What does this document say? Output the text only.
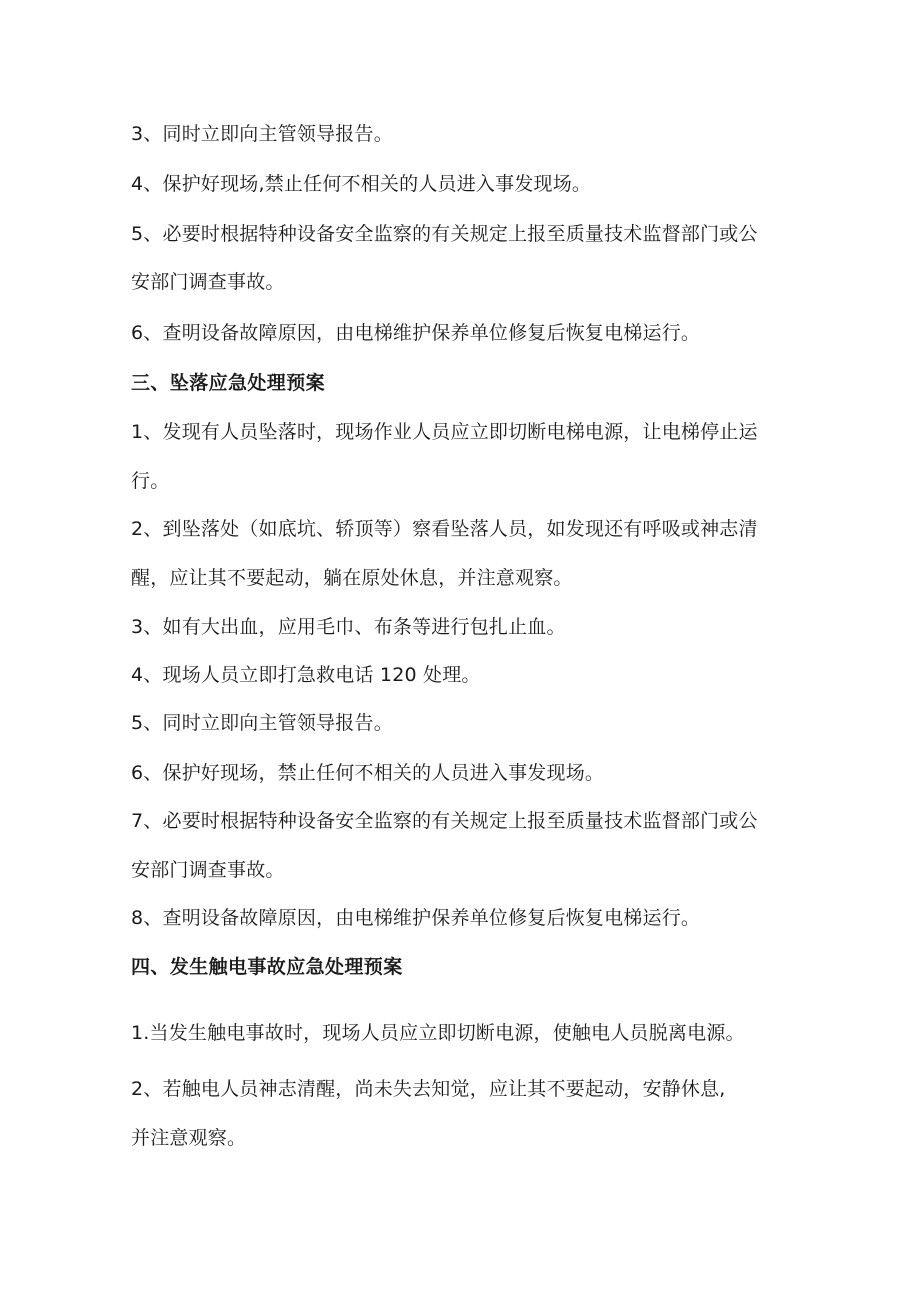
3、同时立即向主管领导报告。
4、保护好现场,禁止任何不相关的人员进入事发现场。
5、必要时根据特种设备安全监察的有关规定上报至质量技术监督部门或公
安部门调查事故。
6、查明设备故障原因，由电梯维护保养单位修复后恢复电梯运行。
三、坠落应急处理预案
1、发现有人员坠落时，现场作业人员应立即切断电梯电源，让电梯停止运
行。
2、到坠落处（如底坑、轿顶等）察看坠落人员，如发现还有呼吸或神志清
醒，应让其不要起动，躺在原处休息，并注意观察。
3、如有大出血，应用毛巾、布条等进行包扎止血。
4、现场人员立即打急救电话 120 处理。
5、同时立即向主管领导报告。
6、保护好现场，禁止任何不相关的人员进入事发现场。
7、必要时根据特种设备安全监察的有关规定上报至质量技术监督部门或公
安部门调查事故。
8、查明设备故障原因，由电梯维护保养单位修复后恢复电梯运行。
四、发生触电事故应急处理预案
1.当发生触电事故时，现场人员应立即切断电源，使触电人员脱离电源。
2、若触电人员神志清醒，尚未失去知觉，应让其不要起动，安静休息,
并注意观察。
